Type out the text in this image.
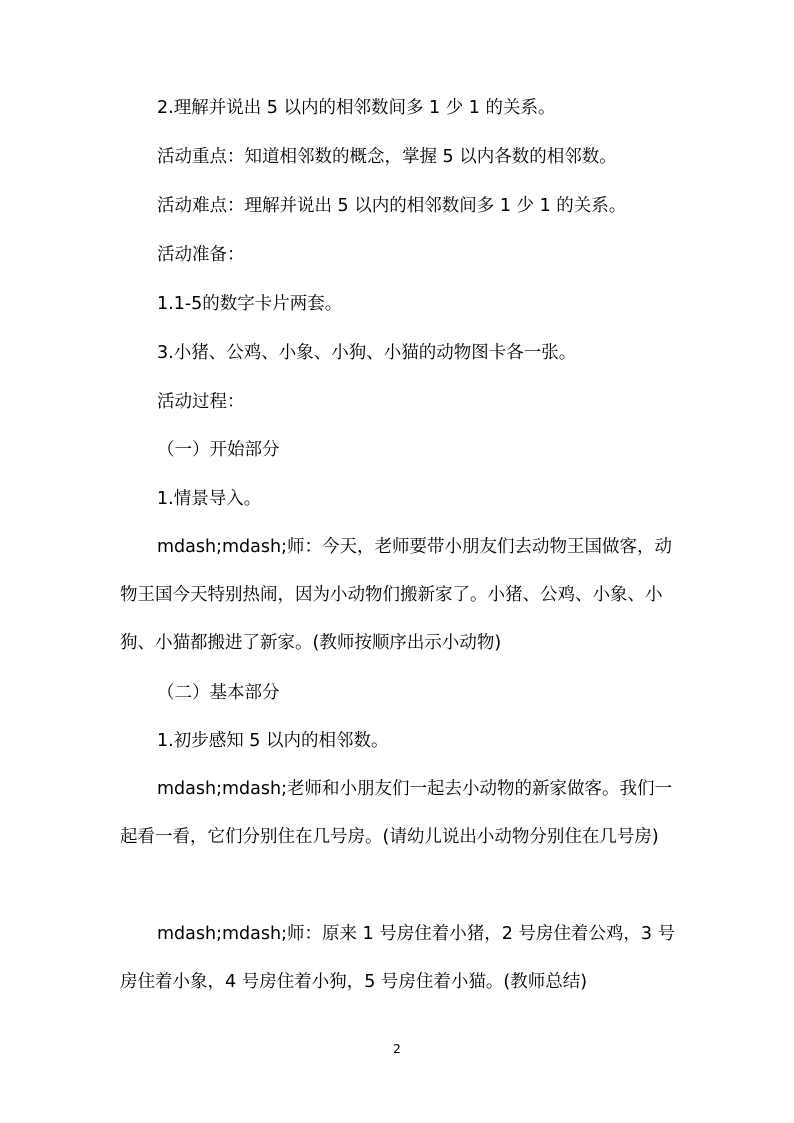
2.理解并说出 5 以内的相邻数间多 1 少 1 的关系。

活动重点：知道相邻数的概念，掌握 5 以内各数的相邻数。

活动难点：理解并说出 5 以内的相邻数间多 1 少 1 的关系。

活动准备：

1.1-5的数字卡片两套。

3.小猪、公鸡、小象、小狗、小猫的动物图卡各一张。

活动过程：

（一）开始部分

1.情景导入。

mdash;mdash;师：今天，老师要带小朋友们去动物王国做客，动物王国今天特别热闹，因为小动物们搬新家了。小猪、公鸡、小象、小狗、小猫都搬进了新家。(教师按顺序出示小动物)

（二）基本部分

1.初步感知 5 以内的相邻数。

mdash;mdash;老师和小朋友们一起去小动物的新家做客。我们一起看一看，它们分别住在几号房。(请幼儿说出小动物分别住在几号房)

mdash;mdash;师：原来 1 号房住着小猪，2 号房住着公鸡，3 号房住着小象，4 号房住着小狗，5 号房住着小猫。(教师总结)

2
